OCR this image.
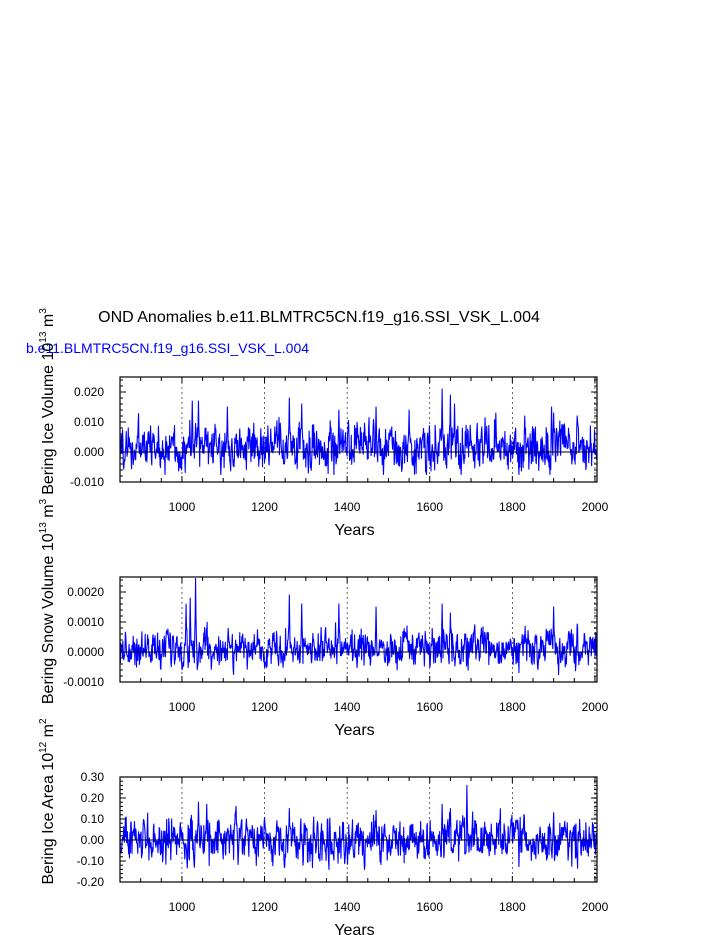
OND Anomalies b.e11.BLMTRC5CN.f19_g16.SSI_VSK_L.004
b.e11.BLMTRC5CN.f19_g16.SSI_VSK_L.004
-0.010
0.000
0.010
0.020
1000	1200	1400	1600	1800	2000
Years
Bering Ice Volume $10^{13}$ $m^3$
-0.0010
0.0000
0.0010
0.0020
1000	1200	1400	1600	1800	2000
Years
Bering Snow Volume $10^{13}$ $m^3$
-0.20
-0.10
0.00
0.10
0.20
0.30
1000	1200	1400	1600	1800	2000
Years
Bering Ice Area $10^{12}$ $m^2$
